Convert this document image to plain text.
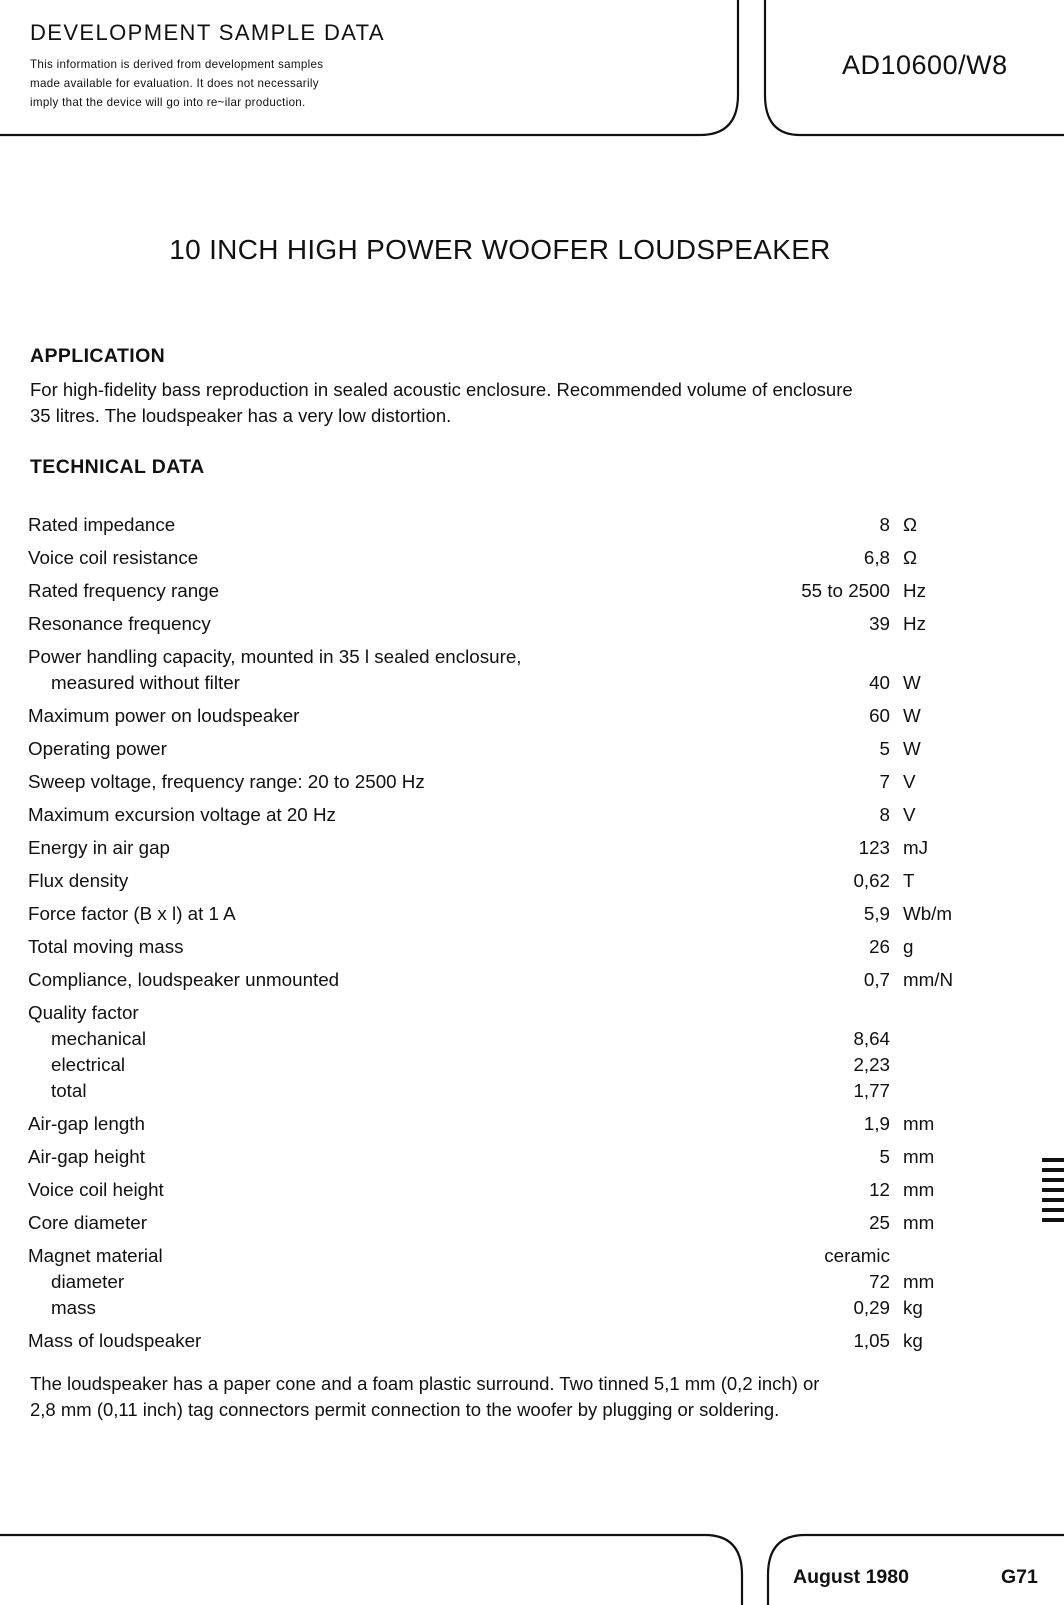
DEVELOPMENT SAMPLE DATA
This information is derived from development samples
made available for evaluation. It does not necessarily
imply that the device will go into re~ilar production.
AD10600/W8
10 INCH HIGH POWER WOOFER LOUDSPEAKER
APPLICATION
For high-fidelity bass reproduction in sealed acoustic enclosure. Recommended volume of enclosure
35 litres. The loudspeaker has a very low distortion.
TECHNICAL DATA
Rated impedance	8 Ω
Voice coil resistance	6,8 Ω
Rated frequency range	55 to 2500 Hz
Resonance frequency	39 Hz
Power handling capacity, mounted in 35 l sealed enclosure,
measured without filter	40 W
Maximum power on loudspeaker	60 W
Operating power	5 W
Sweep voltage, frequency range: 20 to 2500 Hz	7 V
Maximum excursion voltage at 20 Hz	8 V
Energy in air gap	123 mJ
Flux density	0,62 T
Force factor (B x l) at 1 A	5,9 Wb/m
Total moving mass	26 g
Compliance, loudspeaker unmounted	0,7 mm/N
Quality factor
mechanical	8,64
electrical	2,23
total	1,77
Air-gap length	1,9 mm
Air-gap height	5 mm
Voice coil height	12 mm
Core diameter	25 mm
Magnet material	ceramic
diameter	72 mm
mass	0,29 kg
Mass of loudspeaker	1,05 kg
The loudspeaker has a paper cone and a foam plastic surround. Two tinned 5,1 mm (0,2 inch) or
2,8 mm (0,11 inch) tag connectors permit connection to the woofer by plugging or soldering.
August 1980	G71
